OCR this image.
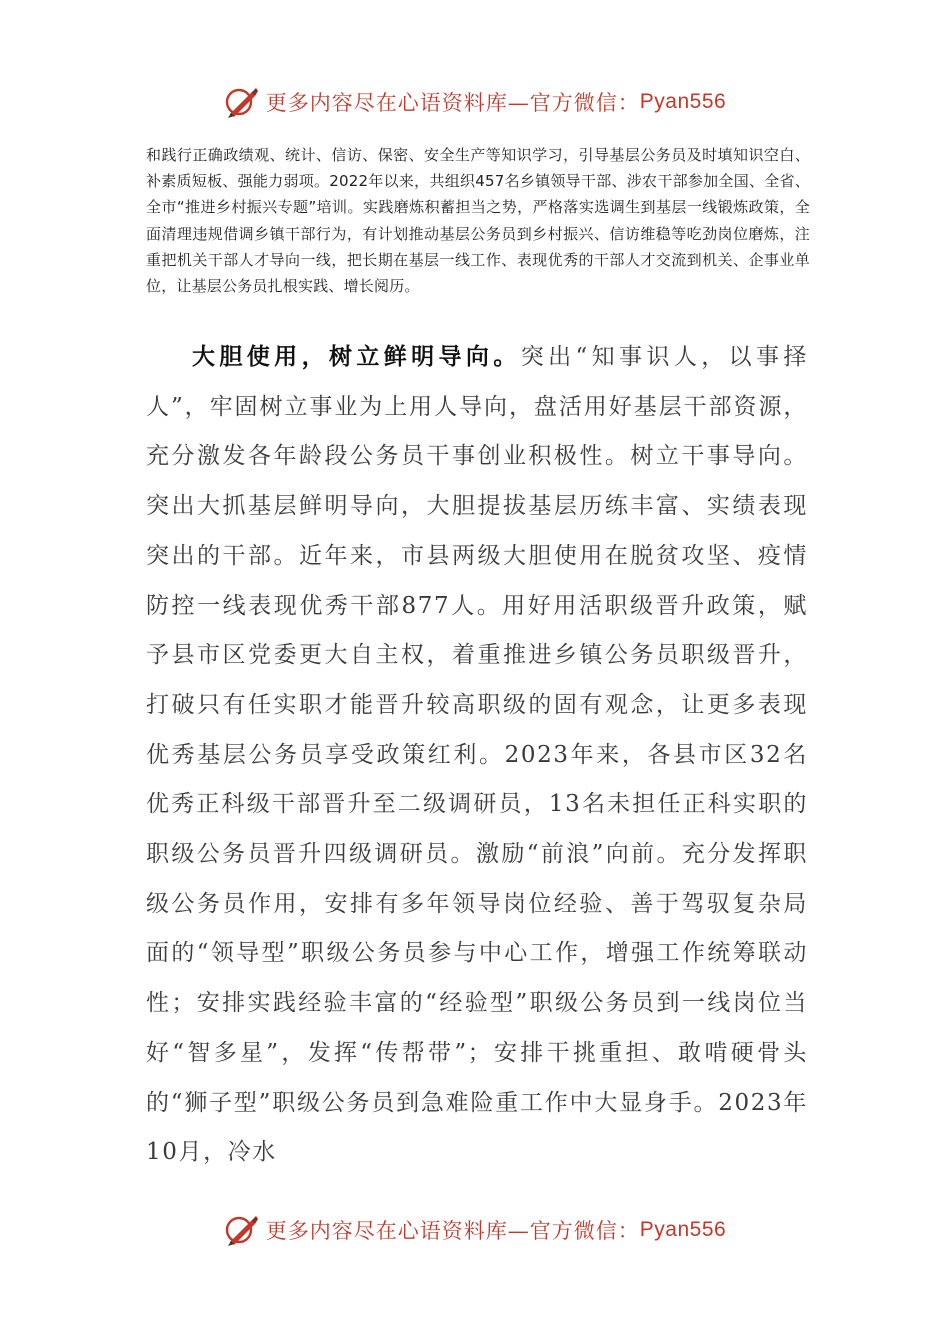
更多内容尽在心语资料库—官方微信： Pyan556
和践行正确政绩观、统计、信访、保密、安全生产等知识学习，引导基层公务员及时填知识空白、补素质短板、强能力弱项。2022年以来，共组织457名乡镇领导干部、涉农干部参加全国、全省、全市“推进乡村振兴专题”培训。实践磨炼积蓄担当之势，严格落实选调生到基层一线锻炼政策，全面清理违规借调乡镇干部行为，有计划推动基层公务员到乡村振兴、信访维稳等吃劲岗位磨炼，注重把机关干部人才导向一线，把长期在基层一线工作、表现优秀的干部人才交流到机关、企事业单位，让基层公务员扎根实践、增长阅历。
大胆使用，树立鲜明导向。突出“知事识人，以事择人”，牢固树立事业为上用人导向，盘活用好基层干部资源，充分激发各年龄段公务员干事创业积极性。树立干事导向。突出大抓基层鲜明导向，大胆提拔基层历练丰富、实绩表现突出的干部。近年来，市县两级大胆使用在脱贫攻坚、疫情防控一线表现优秀干部877人。用好用活职级晋升政策，赋予县市区党委更大自主权，着重推进乡镇公务员职级晋升，打破只有任实职才能晋升较高职级的固有观念，让更多表现优秀基层公务员享受政策红利。2023年来，各县市区32名优秀正科级干部晋升至二级调研员，13名未担任正科实职的职级公务员晋升四级调研员。激励“前浪”向前。充分发挥职级公务员作用，安排有多年领导岗位经验、善于驾驭复杂局面的“领导型”职级公务员参与中心工作，增强工作统筹联动性；安排实践经验丰富的“经验型”职级公务员到一线岗位当好“智多星”，发挥“传帮带”；安排干挑重担、敢啃硬骨头的“狮子型”职级公务员到急难险重工作中大显身手。2023年10月，冷水
更多内容尽在心语资料库—官方微信： Pyan556
